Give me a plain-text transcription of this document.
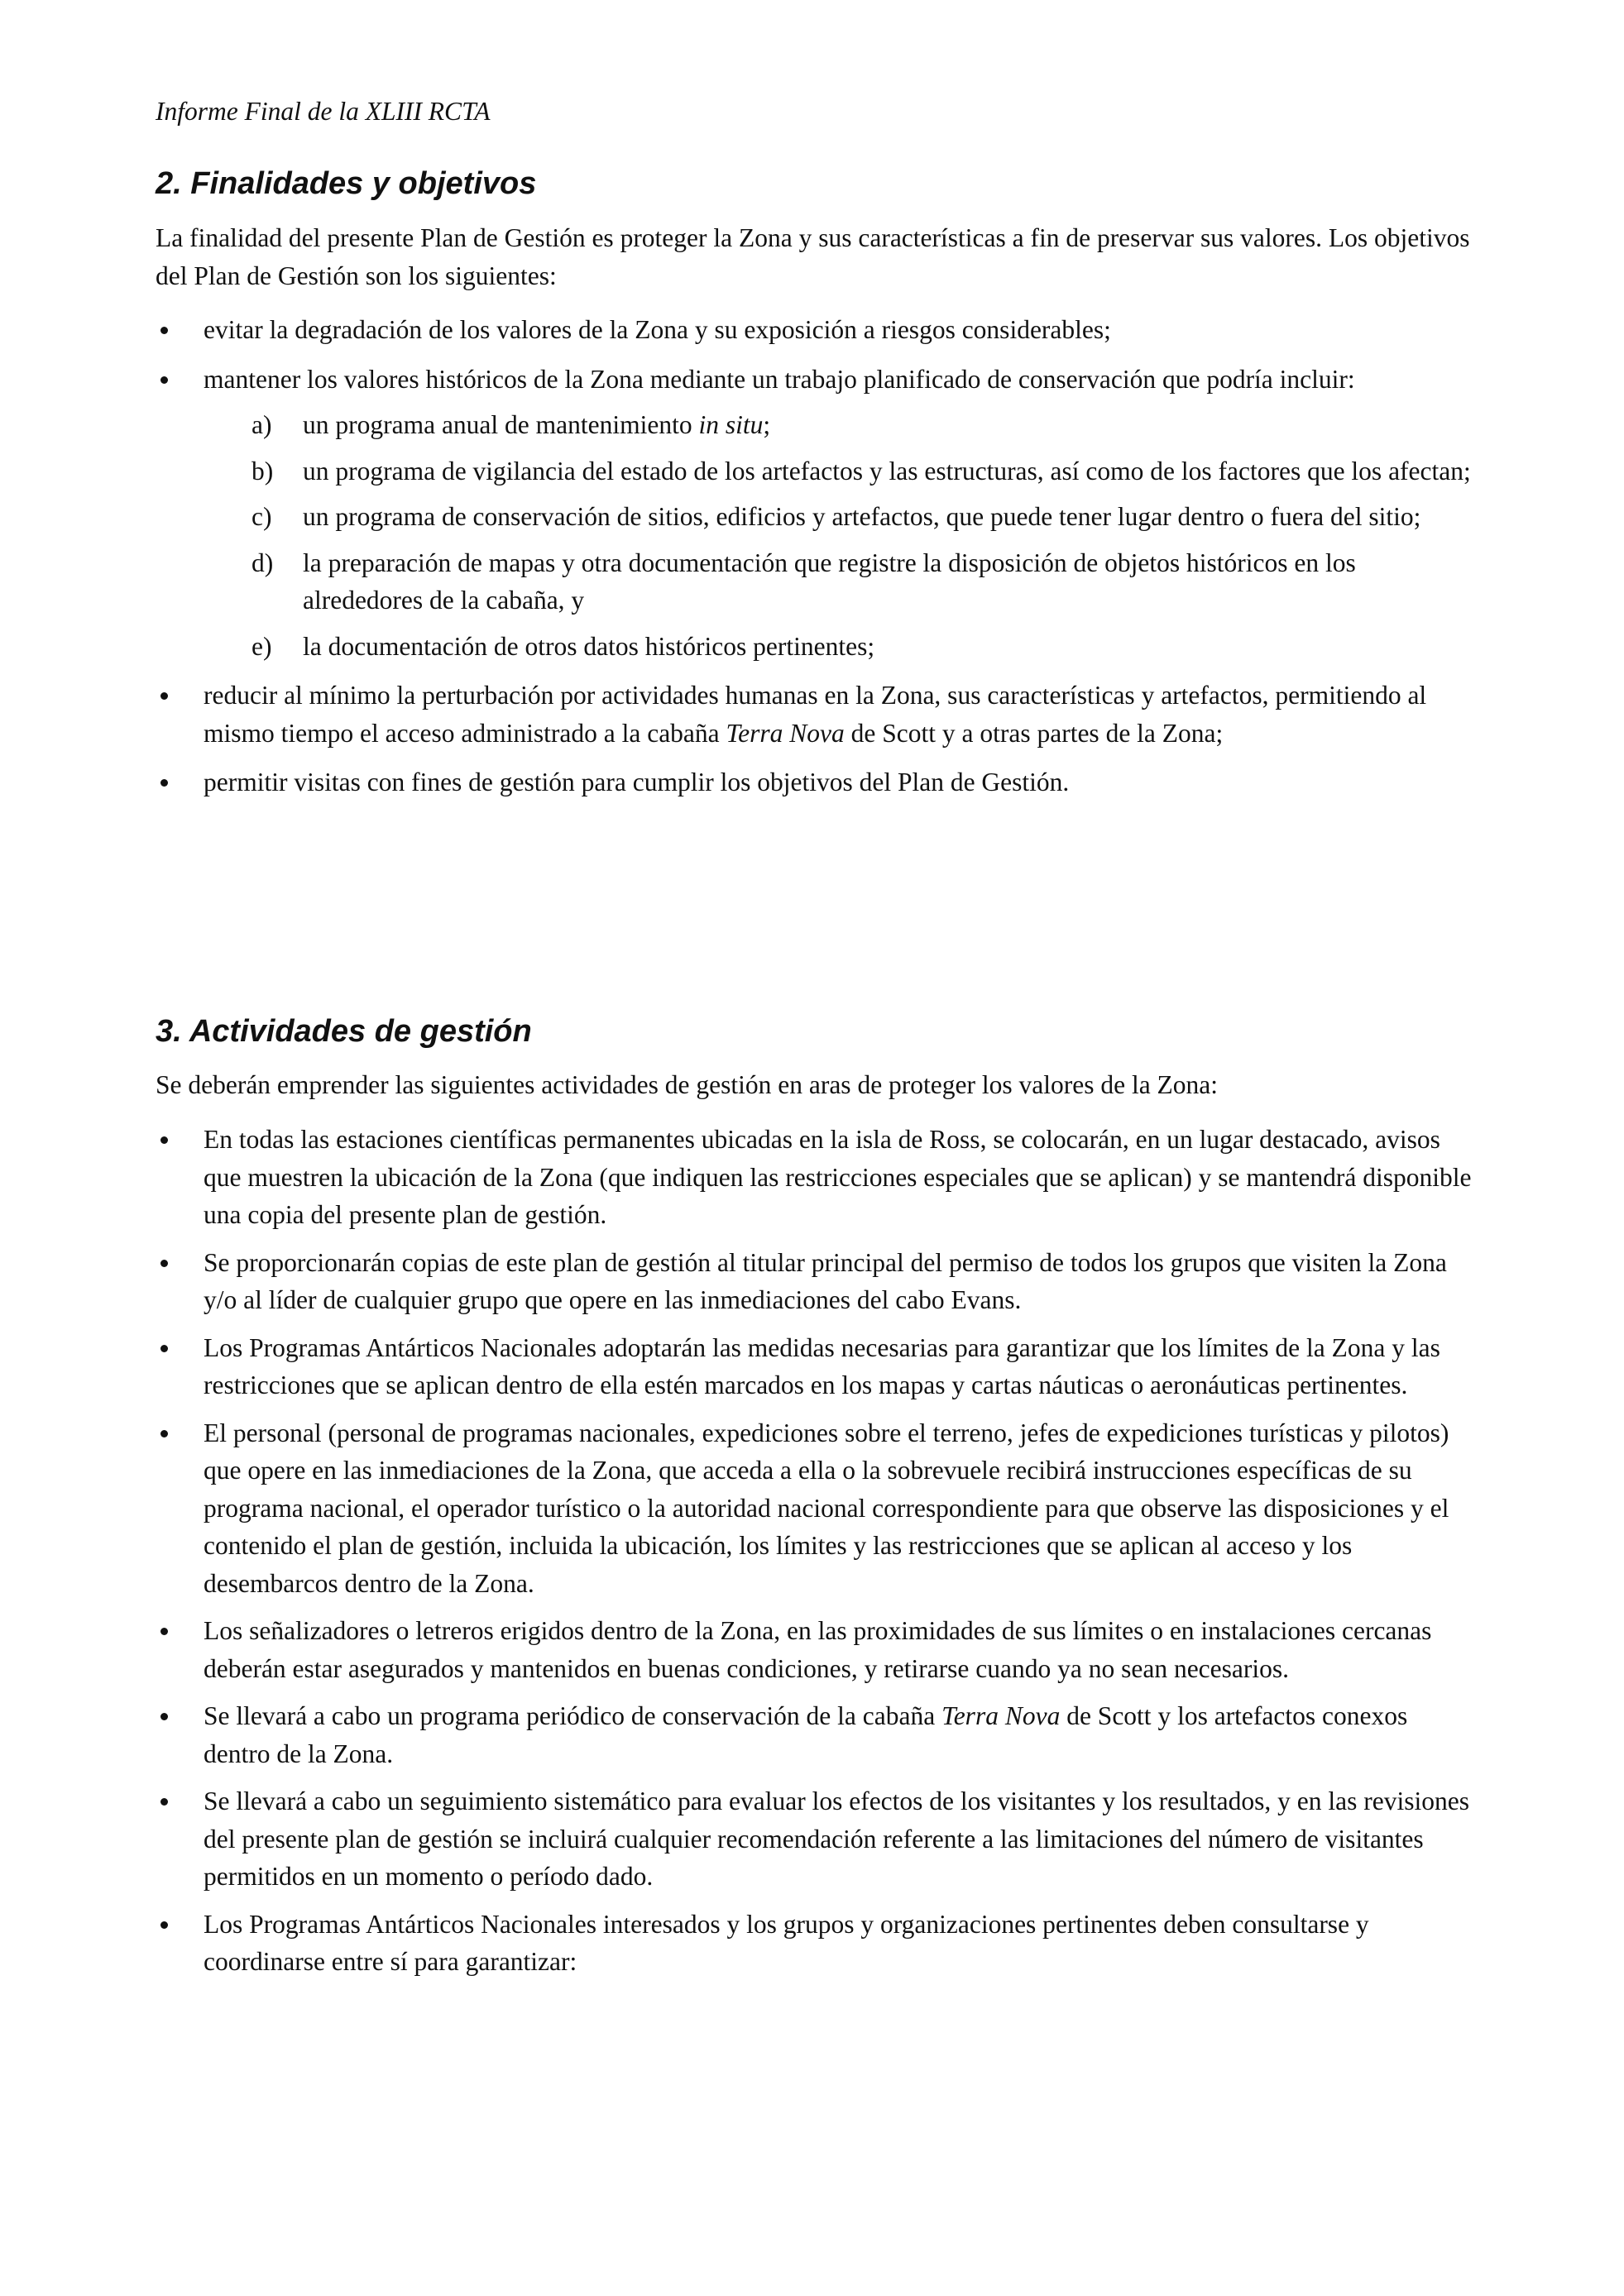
Informe Final de la XLIII RCTA

2. Finalidades y objetivos

La finalidad del presente Plan de Gestión es proteger la Zona y sus características a fin de preservar sus valores. Los objetivos del Plan de Gestión son los siguientes:

evitar la degradación de los valores de la Zona y su exposición a riesgos considerables;
mantener los valores históricos de la Zona mediante un trabajo planificado de conservación que podría incluir:
a)	un programa anual de mantenimiento in situ;
b)	un programa de vigilancia del estado de los artefactos y las estructuras, así como de los factores que los afectan;
c)	un programa de conservación de sitios, edificios y artefactos, que puede tener lugar dentro o fuera del sitio;
d)	la preparación de mapas y otra documentación que registre la disposición de objetos históricos en los alrededores de la cabaña, y
e)	la documentación de otros datos históricos pertinentes;
reducir al mínimo la perturbación por actividades humanas en la Zona, sus características y artefactos, permitiendo al mismo tiempo el acceso administrado a la cabaña Terra Nova de Scott y a otras partes de la Zona;
permitir visitas con fines de gestión para cumplir los objetivos del Plan de Gestión.
3. Actividades de gestión

Se deberán emprender las siguientes actividades de gestión en aras de proteger los valores de la Zona:

En todas las estaciones científicas permanentes ubicadas en la isla de Ross, se colocarán, en un lugar destacado, avisos que muestren la ubicación de la Zona (que indiquen las restricciones especiales que se aplican) y se mantendrá disponible una copia del presente plan de gestión.
Se proporcionarán copias de este plan de gestión al titular principal del permiso de todos los grupos que visiten la Zona y/o al líder de cualquier grupo que opere en las inmediaciones del cabo Evans.
Los Programas Antárticos Nacionales adoptarán las medidas necesarias para garantizar que los límites de la Zona y las restricciones que se aplican dentro de ella estén marcados en los mapas y cartas náuticas o aeronáuticas pertinentes.
El personal (personal de programas nacionales, expediciones sobre el terreno, jefes de expediciones turísticas y pilotos) que opere en las inmediaciones de la Zona, que acceda a ella o la sobrevuele recibirá instrucciones específicas de su programa nacional, el operador turístico o la autoridad nacional correspondiente para que observe las disposiciones y el contenido el plan de gestión, incluida la ubicación, los límites y las restricciones que se aplican al acceso y los desembarcos dentro de la Zona.
Los señalizadores o letreros erigidos dentro de la Zona, en las proximidades de sus límites o en instalaciones cercanas deberán estar asegurados y mantenidos en buenas condiciones, y retirarse cuando ya no sean necesarios.
Se llevará a cabo un programa periódico de conservación de la cabaña Terra Nova de Scott y los artefactos conexos dentro de la Zona.
Se llevará a cabo un seguimiento sistemático para evaluar los efectos de los visitantes y los resultados, y en las revisiones del presente plan de gestión se incluirá cualquier recomendación referente a las limitaciones del número de visitantes permitidos en un momento o período dado.
Los Programas Antárticos Nacionales interesados y los grupos y organizaciones pertinentes deben consultarse y coordinarse entre sí para garantizar:
